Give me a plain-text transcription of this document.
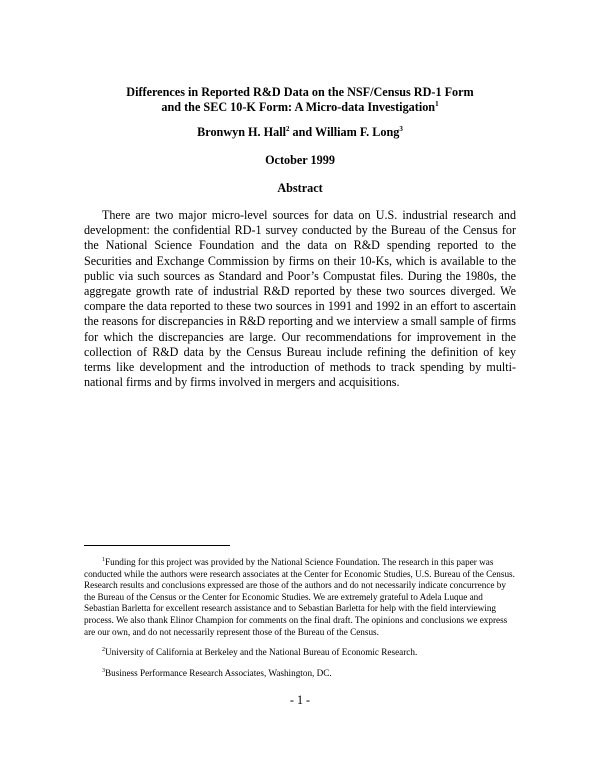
Differences in Reported R&D Data on the NSF/Census RD-1 Form
and the SEC 10-K Form: A Micro-data Investigation$^1$
Bronwyn H. Hall$^2$ and William F. Long$^3$
October 1999
Abstract

There are two major micro-level sources for data on U.S. industrial research and development: the confidential RD-1 survey conducted by the Bureau of the Census for the National Science Foundation and the data on R&D spending reported to the Securities and Exchange Commission by firms on their 10-Ks, which is available to the public via such sources as Standard and Poor’s Compustat files. During the 1980s, the aggregate growth rate of industrial R&D reported by these two sources diverged. We compare the data reported to these two sources in 1991 and 1992 in an effort to ascertain the reasons for discrepancies in R&D reporting and we interview a small sample of firms for which the discrepancies are large. Our recommendations for improvement in the collection of R&D data by the Census Bureau include refining the definition of key terms like development and the introduction of methods to track spending by multi-national firms and by firms involved in mergers and acquisitions.

$^1$Funding for this project was provided by the National Science Foundation. The research in this paper was conducted while the authors were research associates at the Center for Economic Studies, U.S. Bureau of the Census. Research results and conclusions expressed are those of the authors and do not necessarily indicate concurrence by the Bureau of the Census or the Center for Economic Studies. We are extremely grateful to Adela Luque and Sebastian Barletta for excellent research assistance and to Sebastian Barletta for help with the field interviewing process. We also thank Elinor Champion for comments on the final draft. The opinions and conclusions we express are our own, and do not necessarily represent those of the Bureau of the Census.

$^2$University of California at Berkeley and the National Bureau of Economic Research.

$^3$Business Performance Research Associates, Washington, DC.

- 1 -
